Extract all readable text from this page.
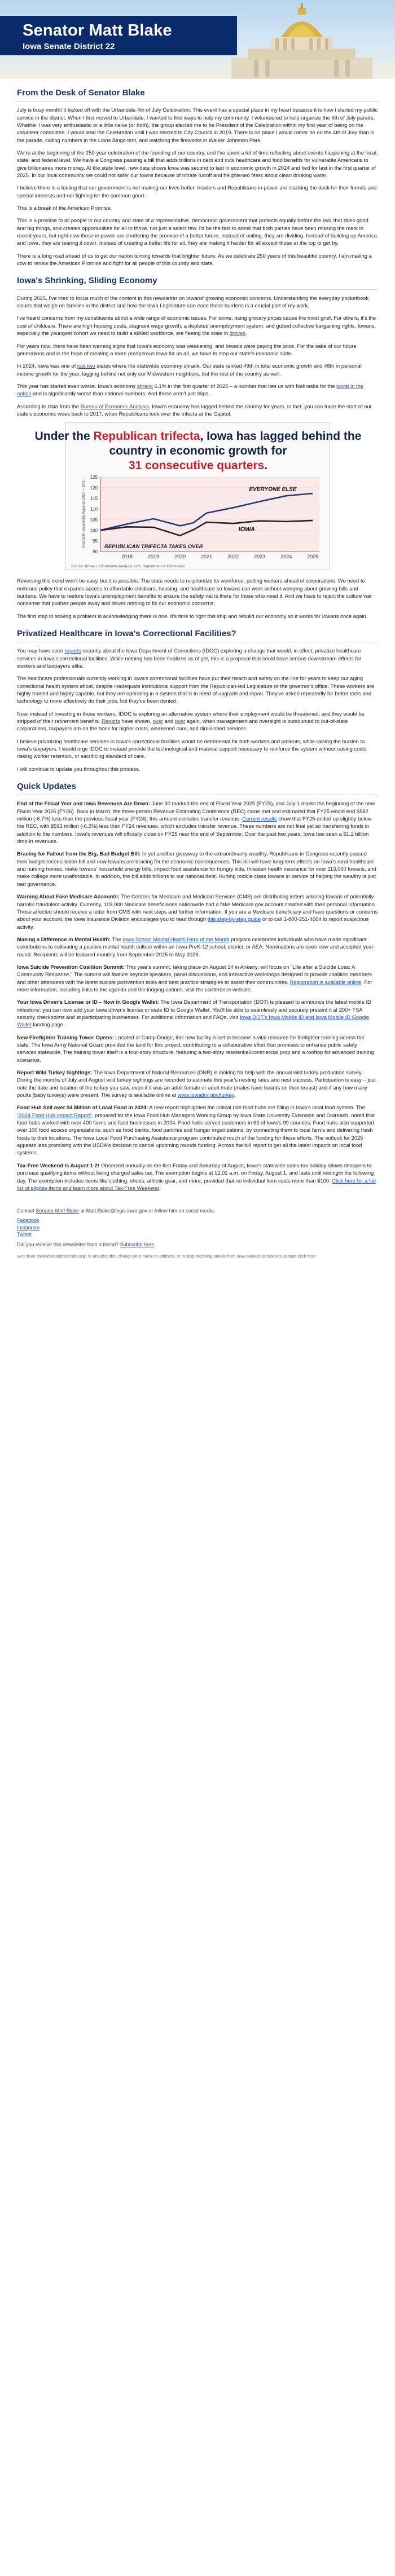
Senator Matt Blake
Iowa Senate District 22
From the Desk of Senator Blake

July is busy month! It kicked off with the Urbandale 4th of July Celebration. This event has a special place in my heart because it is how I started my public service in the district. When I first moved to Urbandale, I wanted to find ways to help my community. I volunteered to help organize the 4th of July parade. Whether I was very enthusiastic or a little naive (or both), the group elected me to be President of the Celebration within my first year of being on the volunteer committee. I would lead the Celebration until I was elected to City Council in 2019. There is no place I would rather be on the 4th of July than in the parade, calling numbers in the Lions Bingo tent, and watching the fireworks in Walker Johnston Park.

We're at the beginning of the 250-year celebration of the founding of our country, and I've spent a lot of time reflecting about events happening at the local, state, and federal level. We have a Congress passing a bill that adds trillions in debt and cuts healthcare and food benefits for vulnerable Americans to give billionaires more money. At the state level, new data shows Iowa was second to last in economic growth in 2024 and tied for last in the first quarter of 2025. In our local community we could not safer our towns because of nitrate runoff and heightened fears about clean drinking water.

I believe there is a feeling that our government is not making our lives better. Insiders and Republicans in power are stacking the deck for their friends and special interests and not fighting for the common good.

This is a break of the American Promise.

This is a promise to all people in our country and state of a representative, democratic government that protects equally before the law, that does good and big things, and creates opportunities for all to thrive, not just a select few. I'd be the first to admit that both parties have been missing the mark in recent years, but right now those in power are shattering the promise of a better future. Instead of uniting, they are dividing. Instead of building up America and Iowa, they are tearing it down. Instead of creating a better life for all, they are making it harder for all except those at the top to get by.

There is a long road ahead of us to get our nation turning towards that brighter future. As we celebrate 250 years of this beautiful country, I am making a vow to renew the American Promise and fight for all people of this country and state.

Iowa's Shrinking, Sliding Economy

During 2025, I've tried to focus much of the content in this newsletter on Iowans' growing economic concerns. Understanding the everyday pocketbook issues that weigh on families in the district and how the Iowa Legislature can ease those burdens is a crucial part of my work.

I've heard concerns from my constituents about a wide range of economic issues. For some, rising grocery prices cause the most grief. For others, it's the cost of childcare. There are high housing costs, stagnant wage growth, a depleted unemployment system, and gutted collective bargaining rights. Iowans, especially the youngest cohort we need to build a skilled workforce, are fleeing the state in droves.

For years now, there have been warning signs that Iowa's economy was weakening, and Iowans were paying the price. For the sake of our future generations and in the hope of creating a more prosperous Iowa for us all, we have to stop our state's economic slide.

In 2024, Iowa was one of just two states where the statewide economy shrank. Our state ranked 49th in total economic growth and 48th in personal income growth for the year, lagging behind not only our Midwestern neighbors, but the rest of the country as well.

This year has started even worse. Iowa's economy shrank 6.1% in the first quarter of 2025 – a number that ties us with Nebraska for the worst in the nation and is significantly worse than national numbers. And these aren't just blips.

According to data from the Bureau of Economic Analysis, Iowa's economy has lagged behind the country for years. In fact, you can trace the start of our state's economic woes back to 2017, when Republicans took over the trifecta at the Capitol.

Under the Republican trifecta, Iowa has lagged behind the
country in economic growth for
31 consecutive quarters.
90
95
100
105
110
115
120
125
2018	2019	2020	2021	2022	2023	2024	2025
Real GDP, Seasonally Adjusted (2017 = 100)	EVERYONE ELSE
IOWA
REPUBLICAN TRIFECTA TAKES OVER
Source: Bureau of Economic Analysis, U.S. Department of Commerce

Reversing this trend won't be easy, but it is possible. The state needs to re-prioritize its workforce, putting workers ahead of corporations. We need to embrace policy that expands access to affordable childcare, housing, and healthcare so Iowans can work without worrying about growing bills and burdens. We have to restore Iowa's unemployment benefits to ensure the safety net is there for those who need it. And we have to reject the culture war nonsense that pushes people away and drives nothing to fix our economic concerns.

The first step to solving a problem is acknowledging there is one. It's time to right this ship and rebuild our economy so it works for Iowans once again.

Privatized Healthcare in Iowa's Correctional Facilities?

You may have seen reports recently about the Iowa Department of Corrections (IDOC) exploring a change that would, in effect, privatize healthcare services in Iowa's correctional facilities. While nothing has been finalized as of yet, this is a proposal that could have serious downstream effects for workers and taxpayers alike.

The healthcare professionals currently working in Iowa's correctional facilities have put their health and safety on the line for years to keep our aging correctional health system afloat, despite inadequate institutional support from the Republican-led Legislature or the governor's office. These workers are highly trained and highly capable, but they are operating in a system that is in need of upgrade and repair. They've asked repeatedly for better tools and technology to more effectively do their jobs, but they've been denied.

Now, instead of investing in those workers, IDOC is exploring an alternative system where their employment would be threatened, and they would be stripped of their retirement benefits. Reports have shown, over and over again, when management and oversight is outsourced to out-of-state corporations, taxpayers are on the hook for higher costs, weakened care, and diminished services.

I believe privatizing healthcare services in Iowa's correctional facilities would be detrimental for both workers and patients, while raising the burden to Iowa's taxpayers. I would urge IDOC to instead provide the technological and material support necessary to reinforce the system without raising costs, risking worker retention, or sacrificing standard of care.

I will continue to update you throughout this process.

Quick Updates

End of the Fiscal Year and Iowa Revenues Are Down: June 30 marked the end of Fiscal Year 2025 (FY25), and July 1 marks the beginning of the new Fiscal Year 2026 (FY26). Back in March, the three-person Revenue Estimating Conference (REC) came met and estimated that FY25 would end $582 million (-6.7%) less than the previous fiscal year (FY24); this amount excludes transfer revenue. Current results show that FY25 ended up slightly below the REC, with $593 million (-6.2%) less than FY24 revenues, which excludes transfer revenue. These numbers are not final yet so transferring funds in addition to the numbers. Iowa's revenues will officially close on FY25 near the end of September. Over the past two years, Iowa has seen a $1.2 billion drop in revenues.

Bracing for Fallout from the Big, Bad Budget Bill: In yet another giveaway to the extraordinarily wealthy, Republicans in Congress recently passed their budget reconciliation bill and now Iowans are bracing for the economic consequences. This bill will have long-term effects on Iowa's rural healthcare and nursing homes, make Iowans' household energy bills, impact food assistance for hungry kids, threaten health insurance for over 113,000 Iowans, and make college more unaffordable. In addition, the bill adds trillions to our national debt. Hurting middle class Iowans in service of helping the wealthy is just bad governance.

Warning About Fake Medicare Accounts: The Centers for Medicare and Medicaid Services (CMS) are distributing letters warning Iowans of potentially harmful fraudulent activity. Currently, 103,000 Medicare beneficiaries nationwide had a fake Medicare gov account created with their personal information. Those affected should receive a letter from CMS with next steps and further information. If you are a Medicare beneficiary and have questions or concerns about your account, the Iowa Insurance Division encourages you to read through this step-by-step guide or to call 1-800-351-4664 to report suspicious activity.

Making a Difference in Mental Health: The Iowa School Mental Health Hero of the Month program celebrates individuals who have made significant contributions to cultivating a positive mental health culture within an Iowa PreK-12 school, district, or AEA. Nominations are open now and accepted year-round. Recipients will be featured monthly from September 2025 to May 2026.

Iowa Suicide Prevention Coalition Summit: This year's summit, taking place on August 14 in Ankeny, will focus on "Life after a Suicide Loss: A Community Response." The summit will feature keynote speakers, panel discussions, and interactive workshops designed to provide coalition members and other attendees with the latest suicide postvention tools and best practice strategies to assist their communities. Registration is available online. For more information, including links to the agenda and the lodging options, visit the conference website.

Your Iowa Driver's License or ID – Now in Google Wallet: The Iowa Department of Transportation (DOT) is pleased to announce the latest mobile ID milestone: you can now add your Iowa driver's license or state ID to Google Wallet. You'll be able to seamlessly and securely present it at 200+ TSA security checkpoints and at participating businesses. For additional information and FAQs, visit Iowa DOT's Iowa Mobile ID and Iowa Mobile ID Google Wallet landing page.

New Firefighter Training Tower Opens: Located at Camp Dodge, this new facility is set to become a vital resource for firefighter training across the state. The Iowa Army National Guard provided the land for this project, contributing to a collaborative effort that promises to enhance public safety services statewide. The training tower itself is a four-story structure, featuring a two-story residential/commercial prop and a rooftop for advanced training scenarios.

Report Wild Turkey Sightings: The Iowa Department of Natural Resources (DNR) is looking for help with the annual wild turkey production survey. During the months of July and August wild turkey sightings are recorded to estimate this year's nesting rates and nest success. Participation is easy – just note the date and location of the turkey you saw, even if it was an adult female or adult male (males have beards on their breast) and if any how many poults (baby turkeys) were present. The survey is available online at www.iowadnr.gov/turkey.

Food Hub Sell over $4 Million of Local Food in 2024: A new report highlighted the critical role food hubs are filling in Iowa's local food system. The "2024 Food Hub Impact Report", prepared for the Iowa Food Hub Managers Working Group by Iowa State University Extension and Outreach, noted that food hubs worked with over 400 farms and food businesses in 2024. Food hubs served customers in 63 of Iowa's 99 counties. Food hubs also supported over 100 food access organizations, such as food banks, food pantries and hunger organizations, by connecting them to local farms and delivering fresh foods to their locations. The Iowa Local Food Purchasing Assistance program contributed much of the funding for these efforts. The outlook for 2025 appears less promising with the USDA's decision to cancel upcoming rounds funding. Across the full report to get all the latest impacts on local food systems.

Tax-Free Weekend is August 1-2! Observed annually on the first Friday and Saturday of August, Iowa's statewide sales-tax holiday allows shoppers to purchase qualifying items without being charged sales tax. The exemption begins at 12:01 a.m. on Friday, August 1, and lasts until midnight the following day. The exemption includes items like clothing, shoes, athletic gear, and more, provided that no individual item costs more than $100. Click here for a full list of eligible items and learn more about Tax-Free Weekend.

Contact Senator Matt Blake at Matt.Blake@legis.iowa.gov or follow him on social media.

Facebook
Instagram
Twitter

Did you receive this newsletter from a friend? Subscribe here

Sent from iowasenatedemocrats.org. To unsubscribe, change your name or address, or to stop receiving emails from Iowa Senate Democrats, please click here.
